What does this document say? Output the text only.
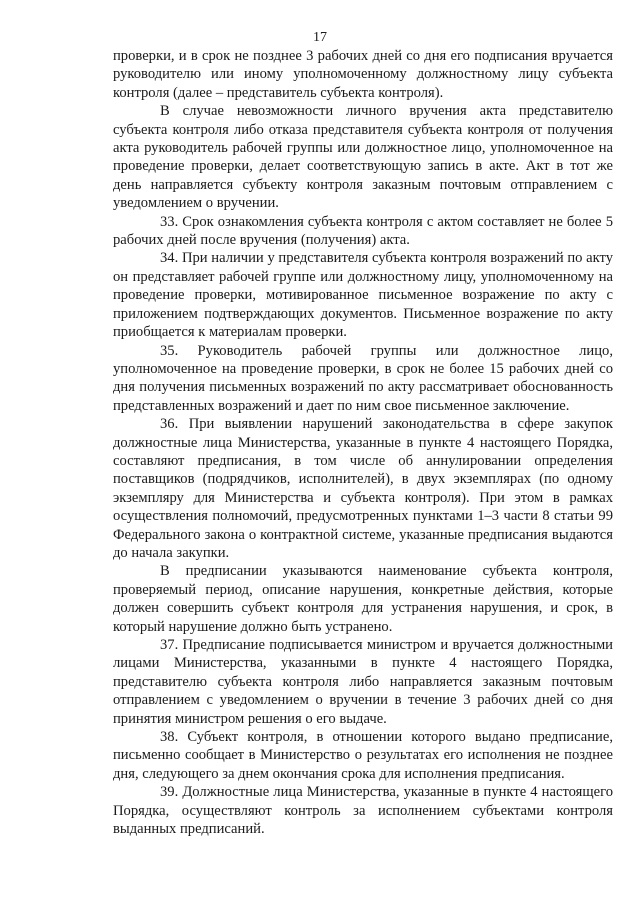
17

проверки, и в срок не позднее 3 рабочих дней со дня его подписания вручается руководителю или иному уполномоченному должностному лицу субъекта контроля (далее – представитель субъекта контроля).

В случае невозможности личного вручения акта представителю субъекта контроля либо отказа представителя субъекта контроля от получения акта руководитель рабочей группы или должностное лицо, уполномоченное на проведение проверки, делает соответствующую запись в акте. Акт в тот же день направляется субъекту контроля заказным почтовым отправлением с уведомлением о вручении.

33. Срок ознакомления субъекта контроля с актом составляет не более 5 рабочих дней после вручения (получения) акта.

34. При наличии у представителя субъекта контроля возражений по акту он представляет рабочей группе или должностному лицу, уполномоченному на проведение проверки, мотивированное письменное возражение по акту с приложением подтверждающих документов. Письменное возражение по акту приобщается к материалам проверки.

35. Руководитель рабочей группы или должностное лицо, уполномоченное на проведение проверки, в срок не более 15 рабочих дней со дня получения письменных возражений по акту рассматривает обоснованность представленных возражений и дает по ним свое письменное заключение.

36. При выявлении нарушений законодательства в сфере закупок должностные лица Министерства, указанные в пункте 4 настоящего Порядка, составляют предписания, в том числе об аннулировании определения поставщиков (подрядчиков, исполнителей), в двух экземплярах (по одному экземпляру для Министерства и субъекта контроля). При этом в рамках осуществления полномочий, предусмотренных пунктами 1–3 части 8 статьи 99 Федерального закона о контрактной системе, указанные предписания выдаются до начала закупки.

В предписании указываются наименование субъекта контроля, проверяемый период, описание нарушения, конкретные действия, которые должен совершить субъект контроля для устранения нарушения, и срок, в который нарушение должно быть устранено.

37. Предписание подписывается министром и вручается должностными лицами Министерства, указанными в пункте 4 настоящего Порядка, представителю субъекта контроля либо направляется заказным почтовым отправлением с уведомлением о вручении в течение 3 рабочих дней со дня принятия министром решения о его выдаче.

38. Субъект контроля, в отношении которого выдано предписание, письменно сообщает в Министерство о результатах его исполнения не позднее дня, следующего за днем окончания срока для исполнения предписания.

39. Должностные лица Министерства, указанные в пункте 4 настоящего Порядка, осуществляют контроль за исполнением субъектами контроля выданных предписаний.
